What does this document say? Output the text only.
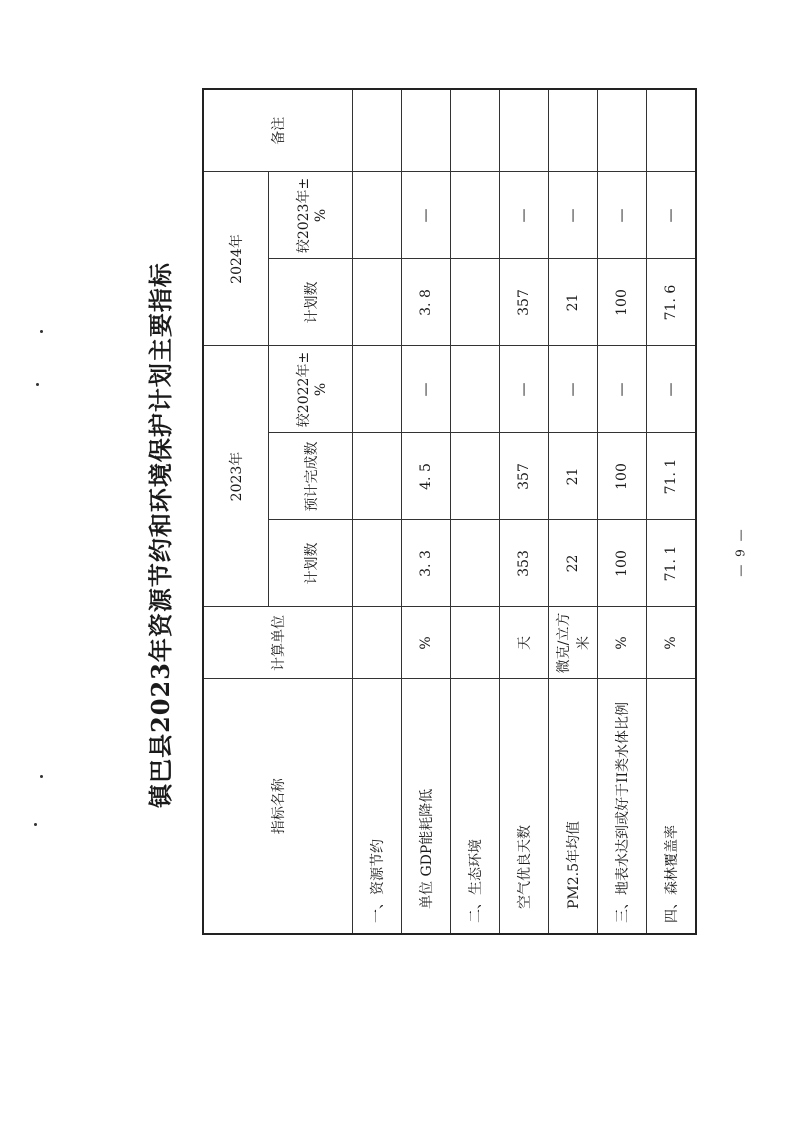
镇巴县2023年资源节约和环境保护计划主要指标	指标名称	计算单位	2023年			2024年		备注
		计划数	预计完成数	较2022年±%	计划数	较2023年±%	
一、资源节约							
单位 GDP能耗降低	%	3. 3	4. 5	—	3. 8	—	
二、生态环境							
空气优良天数	天	353	357	—	357	—	
PM2.5年均值	微克/立方米	22	21	—	21	—	
三、地表水达到或好于II类水体比例	%	100	100	—	100	—	
四、森林覆盖率	%	71. 1	71. 1	—	71. 6	—	
— 9 —
